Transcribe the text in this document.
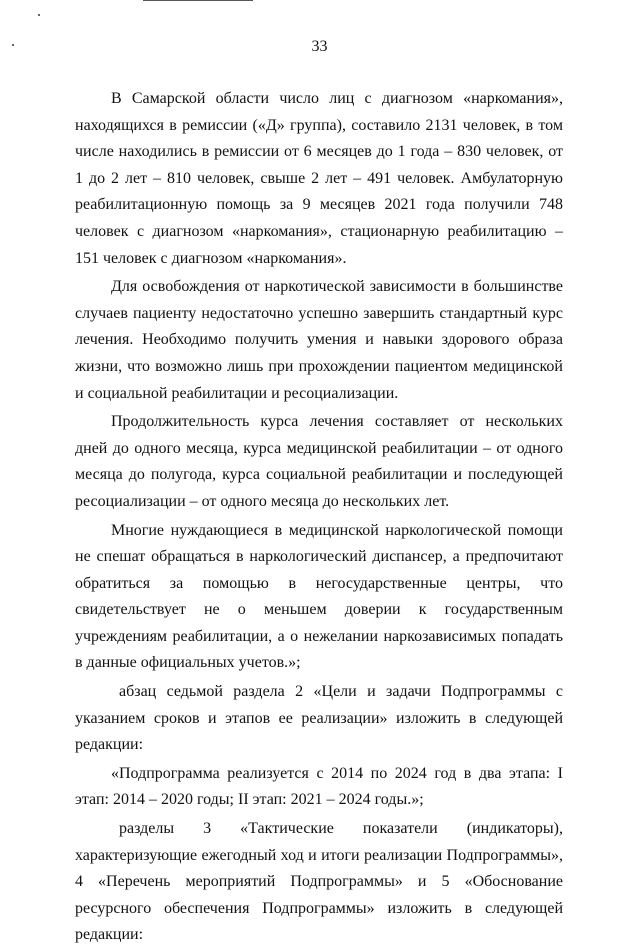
33

В Самарской области число лиц с диагнозом «наркомания», находящихся в ремиссии («Д» группа), составило 2131 человек, в том числе находились в ремиссии от 6 месяцев до 1 года – 830 человек, от 1 до 2 лет – 810 человек, свыше 2 лет – 491 человек. Амбулаторную реабилитационную помощь за 9 месяцев 2021 года получили 748 человек с диагнозом «наркомания», стационарную реабилитацию – 151 человек с диагнозом «наркомания».

Для освобождения от наркотической зависимости в большинстве случаев пациенту недостаточно успешно завершить стандартный курс лечения. Необходимо получить умения и навыки здорового образа жизни, что возможно лишь при прохождении пациентом медицинской и социальной реабилитации и ресоциализации.

Продолжительность курса лечения составляет от нескольких дней до одного месяца, курса медицинской реабилитации – от одного месяца до полугода, курса социальной реабилитации и последующей ресоциализации – от одного месяца до нескольких лет.

Многие нуждающиеся в медицинской наркологической помощи не спешат обращаться в наркологический диспансер, а предпочитают обратиться за помощью в негосударственные центры, что свидетельствует не о меньшем доверии к государственным учреждениям реабилитации, а о нежелании наркозависимых попадать в данные официальных учетов.»;

абзац седьмой раздела 2 «Цели и задачи Подпрограммы с указанием сроков и этапов ее реализации» изложить в следующей редакции:

«Подпрограмма реализуется с 2014 по 2024 год в два этапа: I этап: 2014 – 2020 годы; II этап: 2021 – 2024 годы.»;

разделы 3 «Тактические показатели (индикаторы), характеризующие ежегодный ход и итоги реализации Подпрограммы», 4 «Перечень мероприятий Подпрограммы» и 5 «Обоснование ресурсного обеспечения Подпрограммы» изложить в следующей редакции:
